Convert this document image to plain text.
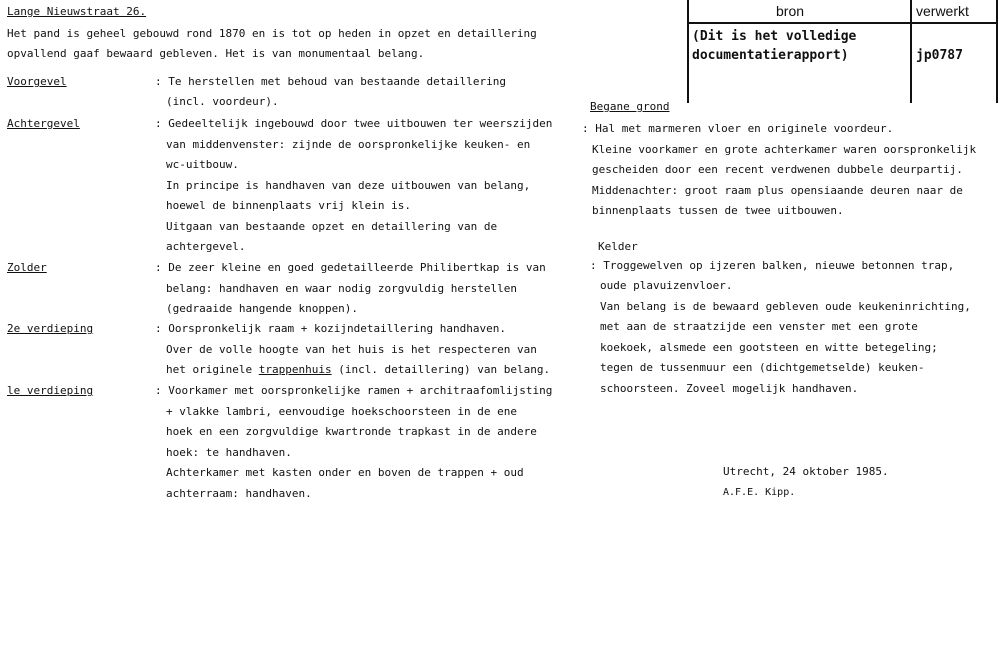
Lange Nieuwstraat 26.
Het pand is geheel gebouwd rond 1870 en is tot op heden in opzet en detaillering
opvallend gaaf bewaard gebleven. Het is van monumentaal belang.
Voorgevel	: Te herstellen met behoud van bestaande detaillering
(incl. voordeur).
Achtergevel	: Gedeeltelijk ingebouwd door twee uitbouwen ter weerszijden
van middenvenster: zijnde de oorspronkelijke keuken- en
wc-uitbouw.
In principe is handhaven van deze uitbouwen van belang,
hoewel de binnenplaats vrij klein is.
Uitgaan van bestaande opzet en detaillering van de
achtergevel.
Zolder	: De zeer kleine en goed gedetailleerde Philibertkap is van
belang: handhaven en waar nodig zorgvuldig herstellen
(gedraaide hangende knoppen).
2e verdieping	: Oorspronkelijk raam + kozijndetaillering handhaven.
Over de volle hoogte van het huis is het respecteren van
het originele trappenhuis (incl. detaillering) van belang.
le verdieping	: Voorkamer met oorspronkelijke ramen + architraafomlijsting
+ vlakke lambri, eenvoudige hoekschoorsteen in de ene
hoek en een zorgvuldige kwartronde trapkast in de andere
hoek: te handhaven.
Achterkamer met kasten onder en boven de trappen + oud
achterraam: handhaven.
bron	verwerkt
(Dit is het volledige
documentatierapport)	jp0787
Begane grond
: Hal met marmeren vloer en originele voordeur.
Kleine voorkamer en grote achterkamer waren oorspronkelijk
gescheiden door een recent verdwenen dubbele deurpartij.
Middenachter: groot raam plus opensiaande deuren naar de
binnenplaats tussen de twee uitbouwen.
Kelder
: Troggewelven op ijzeren balken, nieuwe betonnen trap,
oude plavuizenvloer.
Van belang is de bewaard gebleven oude keukeninrichting,
met aan de straatzijde een venster met een grote
koekoek, alsmede een gootsteen en witte betegeling;
tegen de tussenmuur een (dichtgemetselde) keuken-
schoorsteen. Zoveel mogelijk handhaven.
Utrecht, 24 oktober 1985.
A.F.E. Kipp.
